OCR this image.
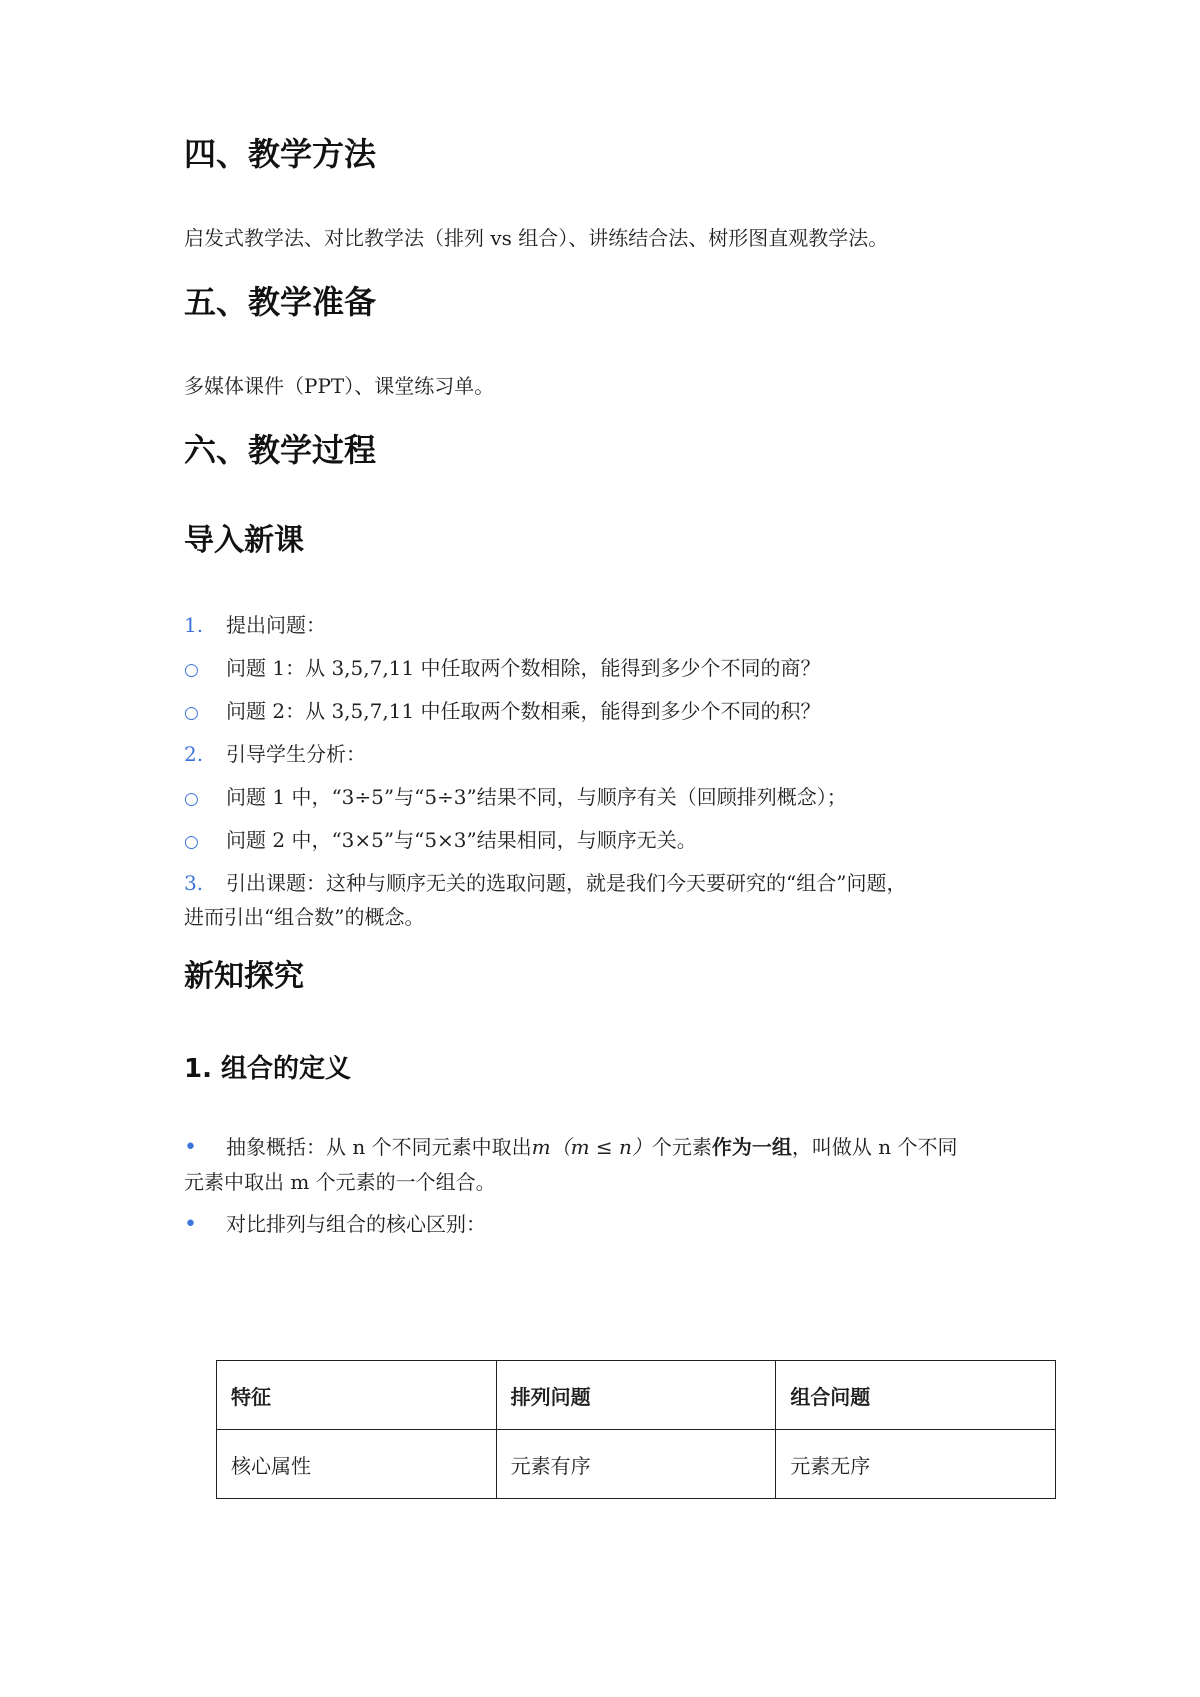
四、教学方法

启发式教学法、对比教学法（排列 vs 组合）、讲练结合法、树形图直观教学法。

五、教学准备

多媒体课件（PPT）、课堂练习单。

六、教学过程
导入新课
1. 提出问题：
○ 问题 1：从 3,5,7,11 中任取两个数相除，能得到多少个不同的商？
○ 问题 2：从 3,5,7,11 中任取两个数相乘，能得到多少个不同的积？
2. 引导学生分析：
○ 问题 1 中，“3÷5”与“5÷3”结果不同，与顺序有关（回顾排列概念）；
○ 问题 2 中，“3×5”与“5×3”结果相同，与顺序无关。
3. 引出课题：这种与顺序无关的选取问题，就是我们今天要研究的“组合”问题，
进而引出“组合数”的概念。
新知探究
1. 组合的定义
• 抽象概括：从 n 个不同元素中取出m（m ≤ n）个元素作为一组，叫做从 n 个不同
元素中取出 m 个元素的一个组合。
• 对比排列与组合的核心区别：
特征	排列问题	组合问题
核心属性	元素有序	元素无序
